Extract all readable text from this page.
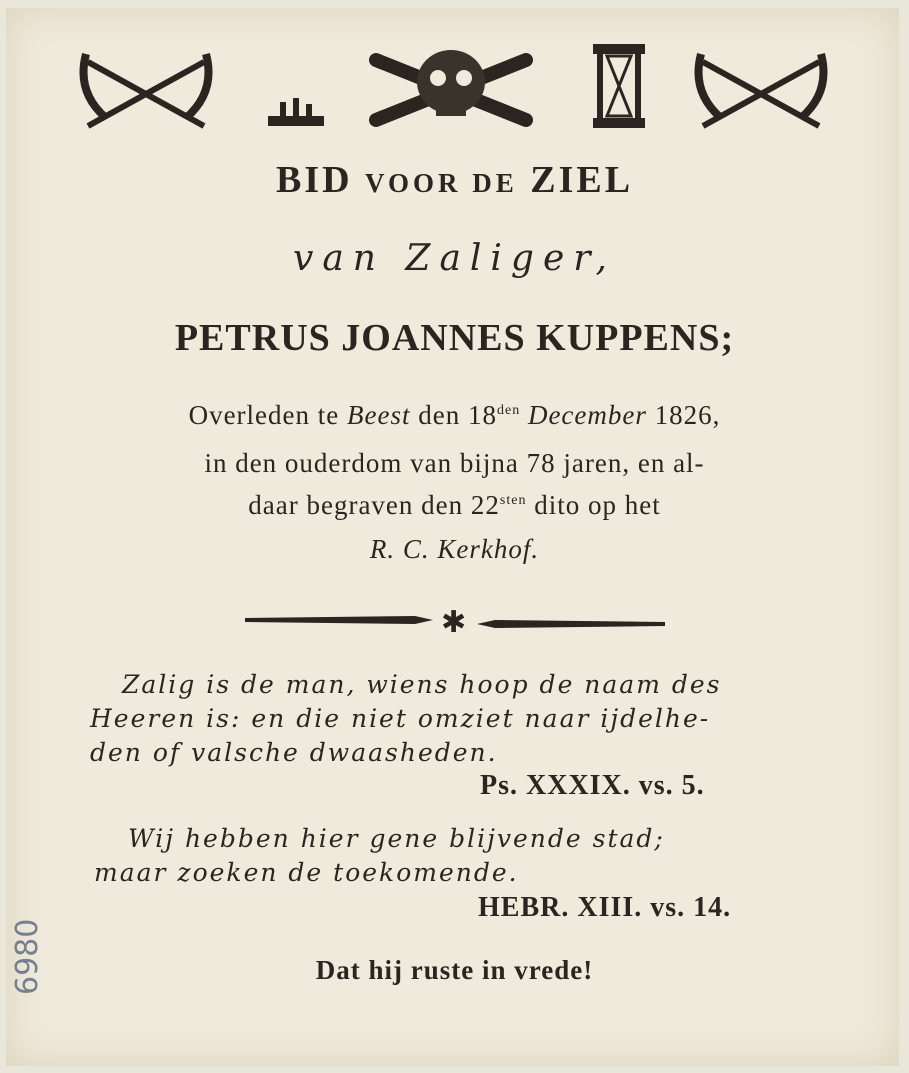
BID VOOR DE ZIEL
van Zaliger,
PETRUS JOANNES KUPPENS;
Overleden te Beest den $18^{den}$ December 1826,
in den ouderdom van bijna 78 jaren, en al-
daar begraven den $22^{sten}$ dito op het
R. C. Kerkhof.
✱
Zalig is de man, wiens hoop de naam des
Heeren is: en die niet omziet naar ijdelhe-
den of valsche dwaasheden.
Ps. XXXIX. vs. 5.
Wij hebben hier gene blijvende stad;
maar zoeken de toekomende.
HEBR. XIII. vs. 14.
Dat hij ruste in vrede!
6980
